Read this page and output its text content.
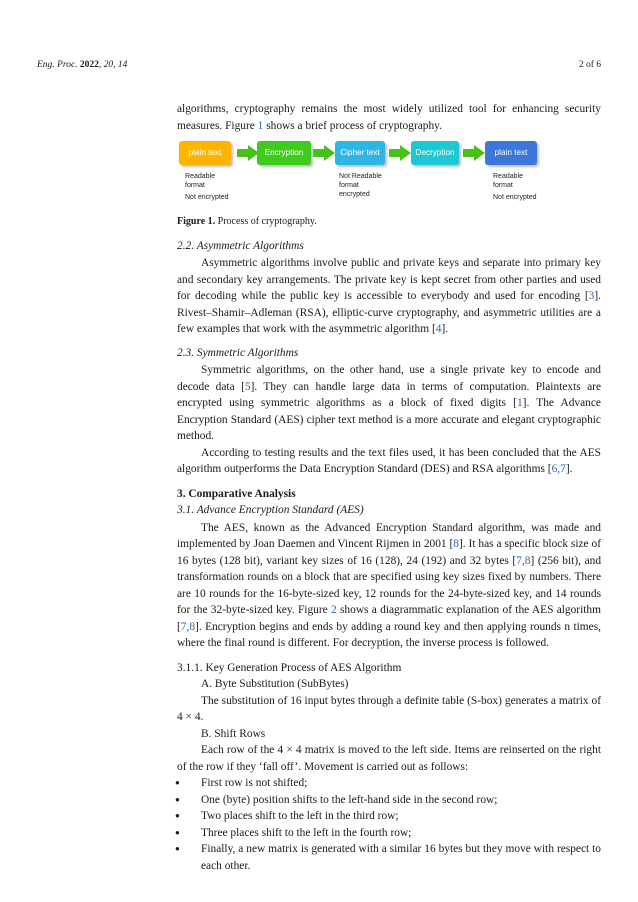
Eng. Proc. 2022, 20, 14	2 of 6

algorithms, cryptography remains the most widely utilized tool for enhancing security measures. Figure 1 shows a brief process of cryptography.

plain text	Encryption	Cipher text	Decryption	plain text
Readable
format
Not encrypted
Not Readable
format
encrypted
Readable
format
Not encrypted

Figure 1. Process of cryptography.

2.2. Asymmetric Algorithms

Asymmetric algorithms involve public and private keys and separate into primary key and secondary key arrangements. The private key is kept secret from other parties and used for decoding while the public key is accessible to everybody and used for encoding [3]. Rivest–Shamir–Adleman (RSA), elliptic-curve cryptography, and asymmetric utilities are a few examples that work with the asymmetric algorithm [4].

2.3. Symmetric Algorithms

Symmetric algorithms, on the other hand, use a single private key to encode and decode data [5]. They can handle large data in terms of computation. Plaintexts are encrypted using symmetric algorithms as a block of fixed digits [1]. The Advance Encryption Standard (AES) cipher text method is a more accurate and elegant cryptographic method.

According to testing results and the text files used, it has been concluded that the AES algorithm outperforms the Data Encryption Standard (DES) and RSA algorithms [6,7].

3. Comparative Analysis

3.1. Advance Encryption Standard (AES)

The AES, known as the Advanced Encryption Standard algorithm, was made and implemented by Joan Daemen and Vincent Rijmen in 2001 [8]. It has a specific block size of 16 bytes (128 bit), variant key sizes of 16 (128), 24 (192) and 32 bytes [7,8] (256 bit), and transformation rounds on a block that are specified using key sizes fixed by numbers. There are 10 rounds for the 16-byte-sized key, 12 rounds for the 24-byte-sized key, and 14 rounds for the 32-byte-sized key. Figure 2 shows a diagrammatic explanation of the AES algorithm [7,8]. Encryption begins and ends by adding a round key and then applying rounds n times, where the final round is different. For decryption, the inverse process is followed.

3.1.1. Key Generation Process of AES Algorithm

A. Byte Substitution (SubBytes)

The substitution of 16 input bytes through a definite table (S-box) generates a matrix of 4 × 4.

B. Shift Rows

Each row of the 4 × 4 matrix is moved to the left side. Items are reinserted on the right of the row if they ‘fall off’. Movement is carried out as follows:

● First row is not shifted;
● One (byte) position shifts to the left-hand side in the second row;
● Two places shift to the left in the third row;
● Three places shift to the left in the fourth row;
● Finally, a new matrix is generated with a similar 16 bytes but they move with respect to each other.
